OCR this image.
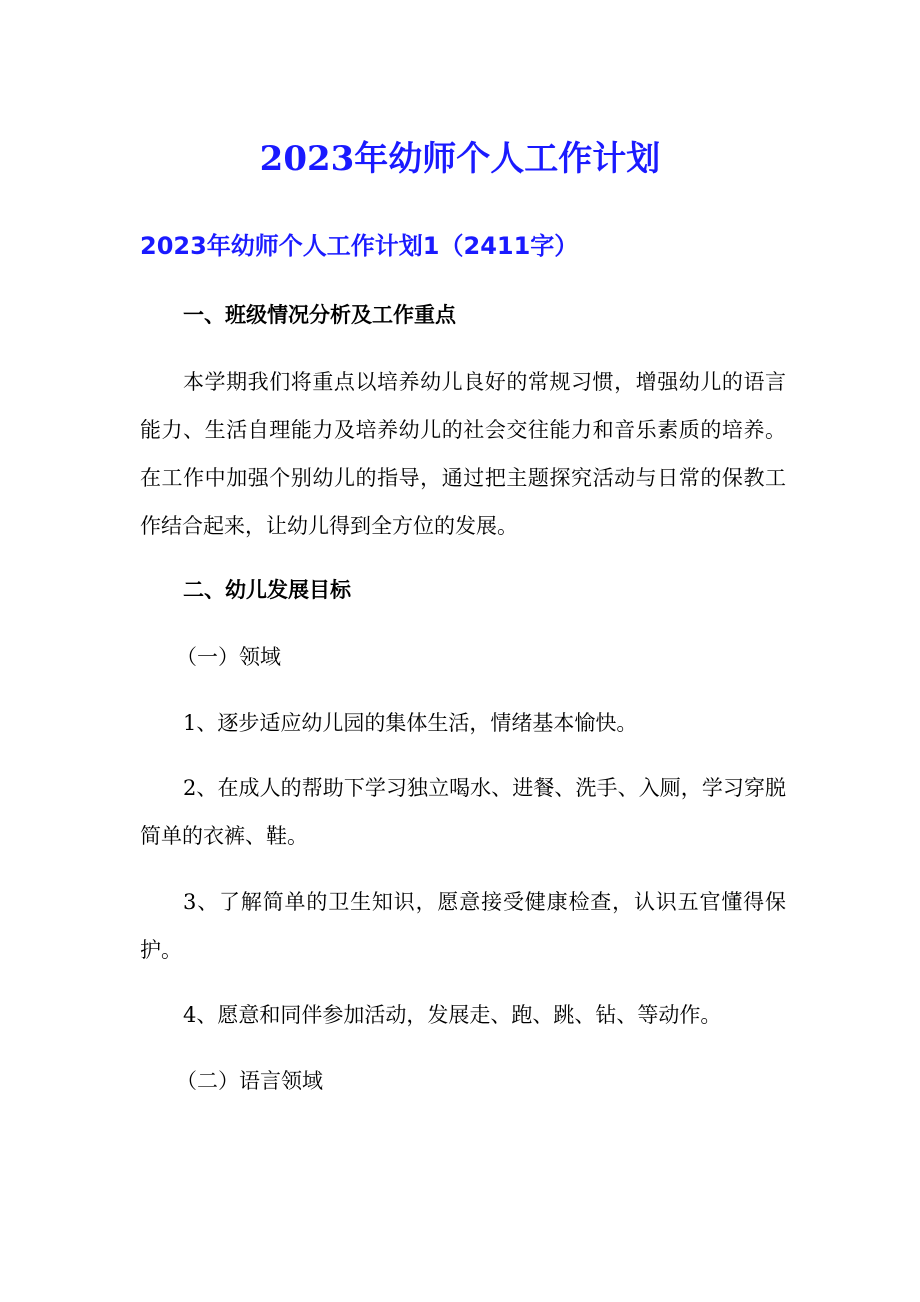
2023年幼师个人工作计划
2023年幼师个人工作计划1（2411字）
一、班级情况分析及工作重点

本学期我们将重点以培养幼儿良好的常规习惯，增强幼儿的语言能力、生活自理能力及培养幼儿的社会交往能力和音乐素质的培养。在工作中加强个别幼儿的指导，通过把主题探究活动与日常的保教工作结合起来，让幼儿得到全方位的发展。

二、幼儿发展目标

（一）领域

1、逐步适应幼儿园的集体生活，情绪基本愉快。

2、在成人的帮助下学习独立喝水、进餐、洗手、入厕，学习穿脱简单的衣裤、鞋。

3、了解简单的卫生知识，愿意接受健康检查，认识五官懂得保护。

4、愿意和同伴参加活动，发展走、跑、跳、钻、等动作。

（二）语言领域
